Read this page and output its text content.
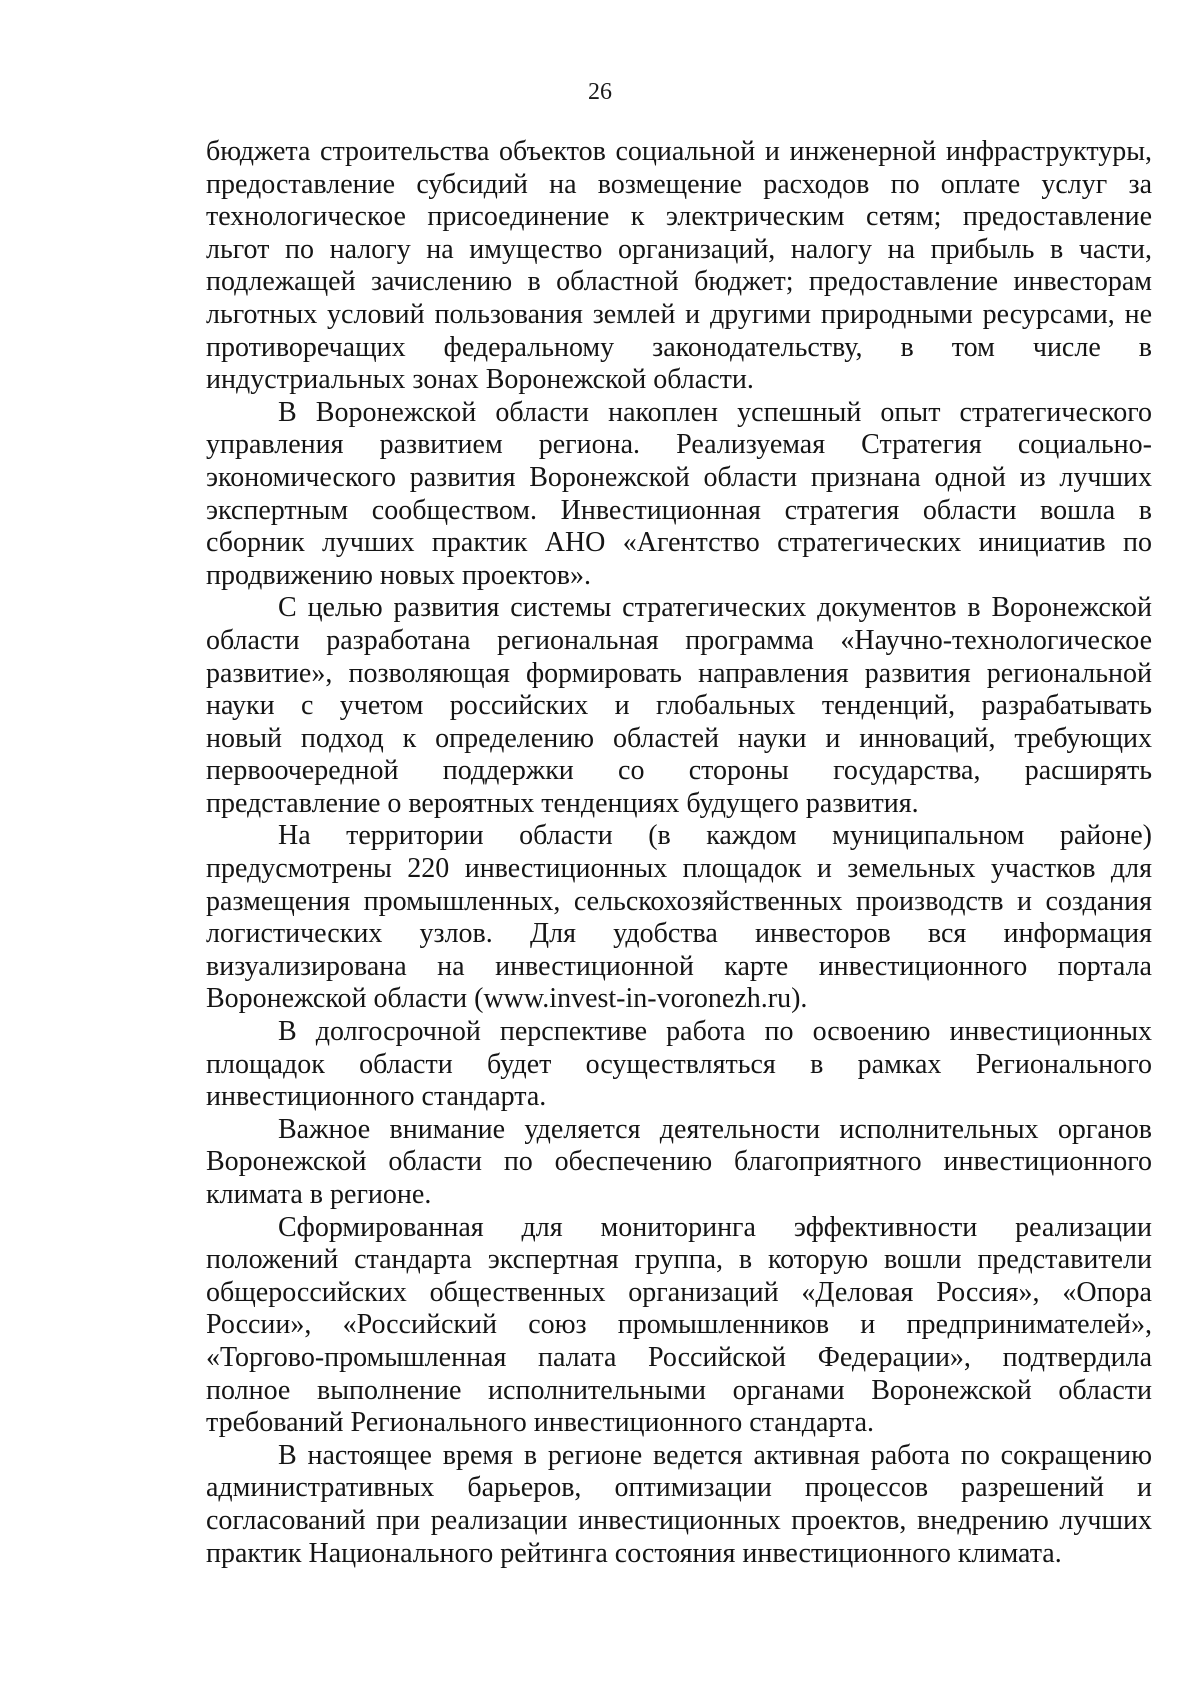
26
бюджета строительства объектов социальной и инженерной инфраструктуры,
предоставление субсидий на возмещение расходов по оплате услуг за
технологическое присоединение к электрическим сетям; предоставление
льгот по налогу на имущество организаций, налогу на прибыль в части,
подлежащей зачислению в областной бюджет; предоставление инвесторам
льготных условий пользования землей и другими природными ресурсами, не
противоречащих федеральному законодательству, в том числе в
индустриальных зонах Воронежской области.
В Воронежской области накоплен успешный опыт стратегического
управления развитием региона. Реализуемая Стратегия социально-
экономического развития Воронежской области признана одной из лучших
экспертным сообществом. Инвестиционная стратегия области вошла в
сборник лучших практик АНО «Агентство стратегических инициатив по
продвижению новых проектов».
С целью развития системы стратегических документов в Воронежской
области разработана региональная программа «Научно-технологическое
развитие», позволяющая формировать направления развития региональной
науки с учетом российских и глобальных тенденций, разрабатывать
новый подход к определению областей науки и инноваций, требующих
первоочередной поддержки со стороны государства, расширять
представление о вероятных тенденциях будущего развития.
На территории области (в каждом муниципальном районе)
предусмотрены 220 инвестиционных площадок и земельных участков для
размещения промышленных, сельскохозяйственных производств и создания
логистических узлов. Для удобства инвесторов вся информация
визуализирована на инвестиционной карте инвестиционного портала
Воронежской области (www.invest-in-voronezh.ru).
В долгосрочной перспективе работа по освоению инвестиционных
площадок области будет осуществляться в рамках Регионального
инвестиционного стандарта.
Важное внимание уделяется деятельности исполнительных органов
Воронежской области по обеспечению благоприятного инвестиционного
климата в регионе.
Сформированная для мониторинга эффективности реализации
положений стандарта экспертная группа, в которую вошли представители
общероссийских общественных организаций «Деловая Россия», «Опора
России», «Российский союз промышленников и предпринимателей»,
«Торгово-промышленная палата Российской Федерации», подтвердила
полное выполнение исполнительными органами Воронежской области
требований Регионального инвестиционного стандарта.
В настоящее время в регионе ведется активная работа по сокращению
административных барьеров, оптимизации процессов разрешений и
согласований при реализации инвестиционных проектов, внедрению лучших
практик Национального рейтинга состояния инвестиционного климата.
